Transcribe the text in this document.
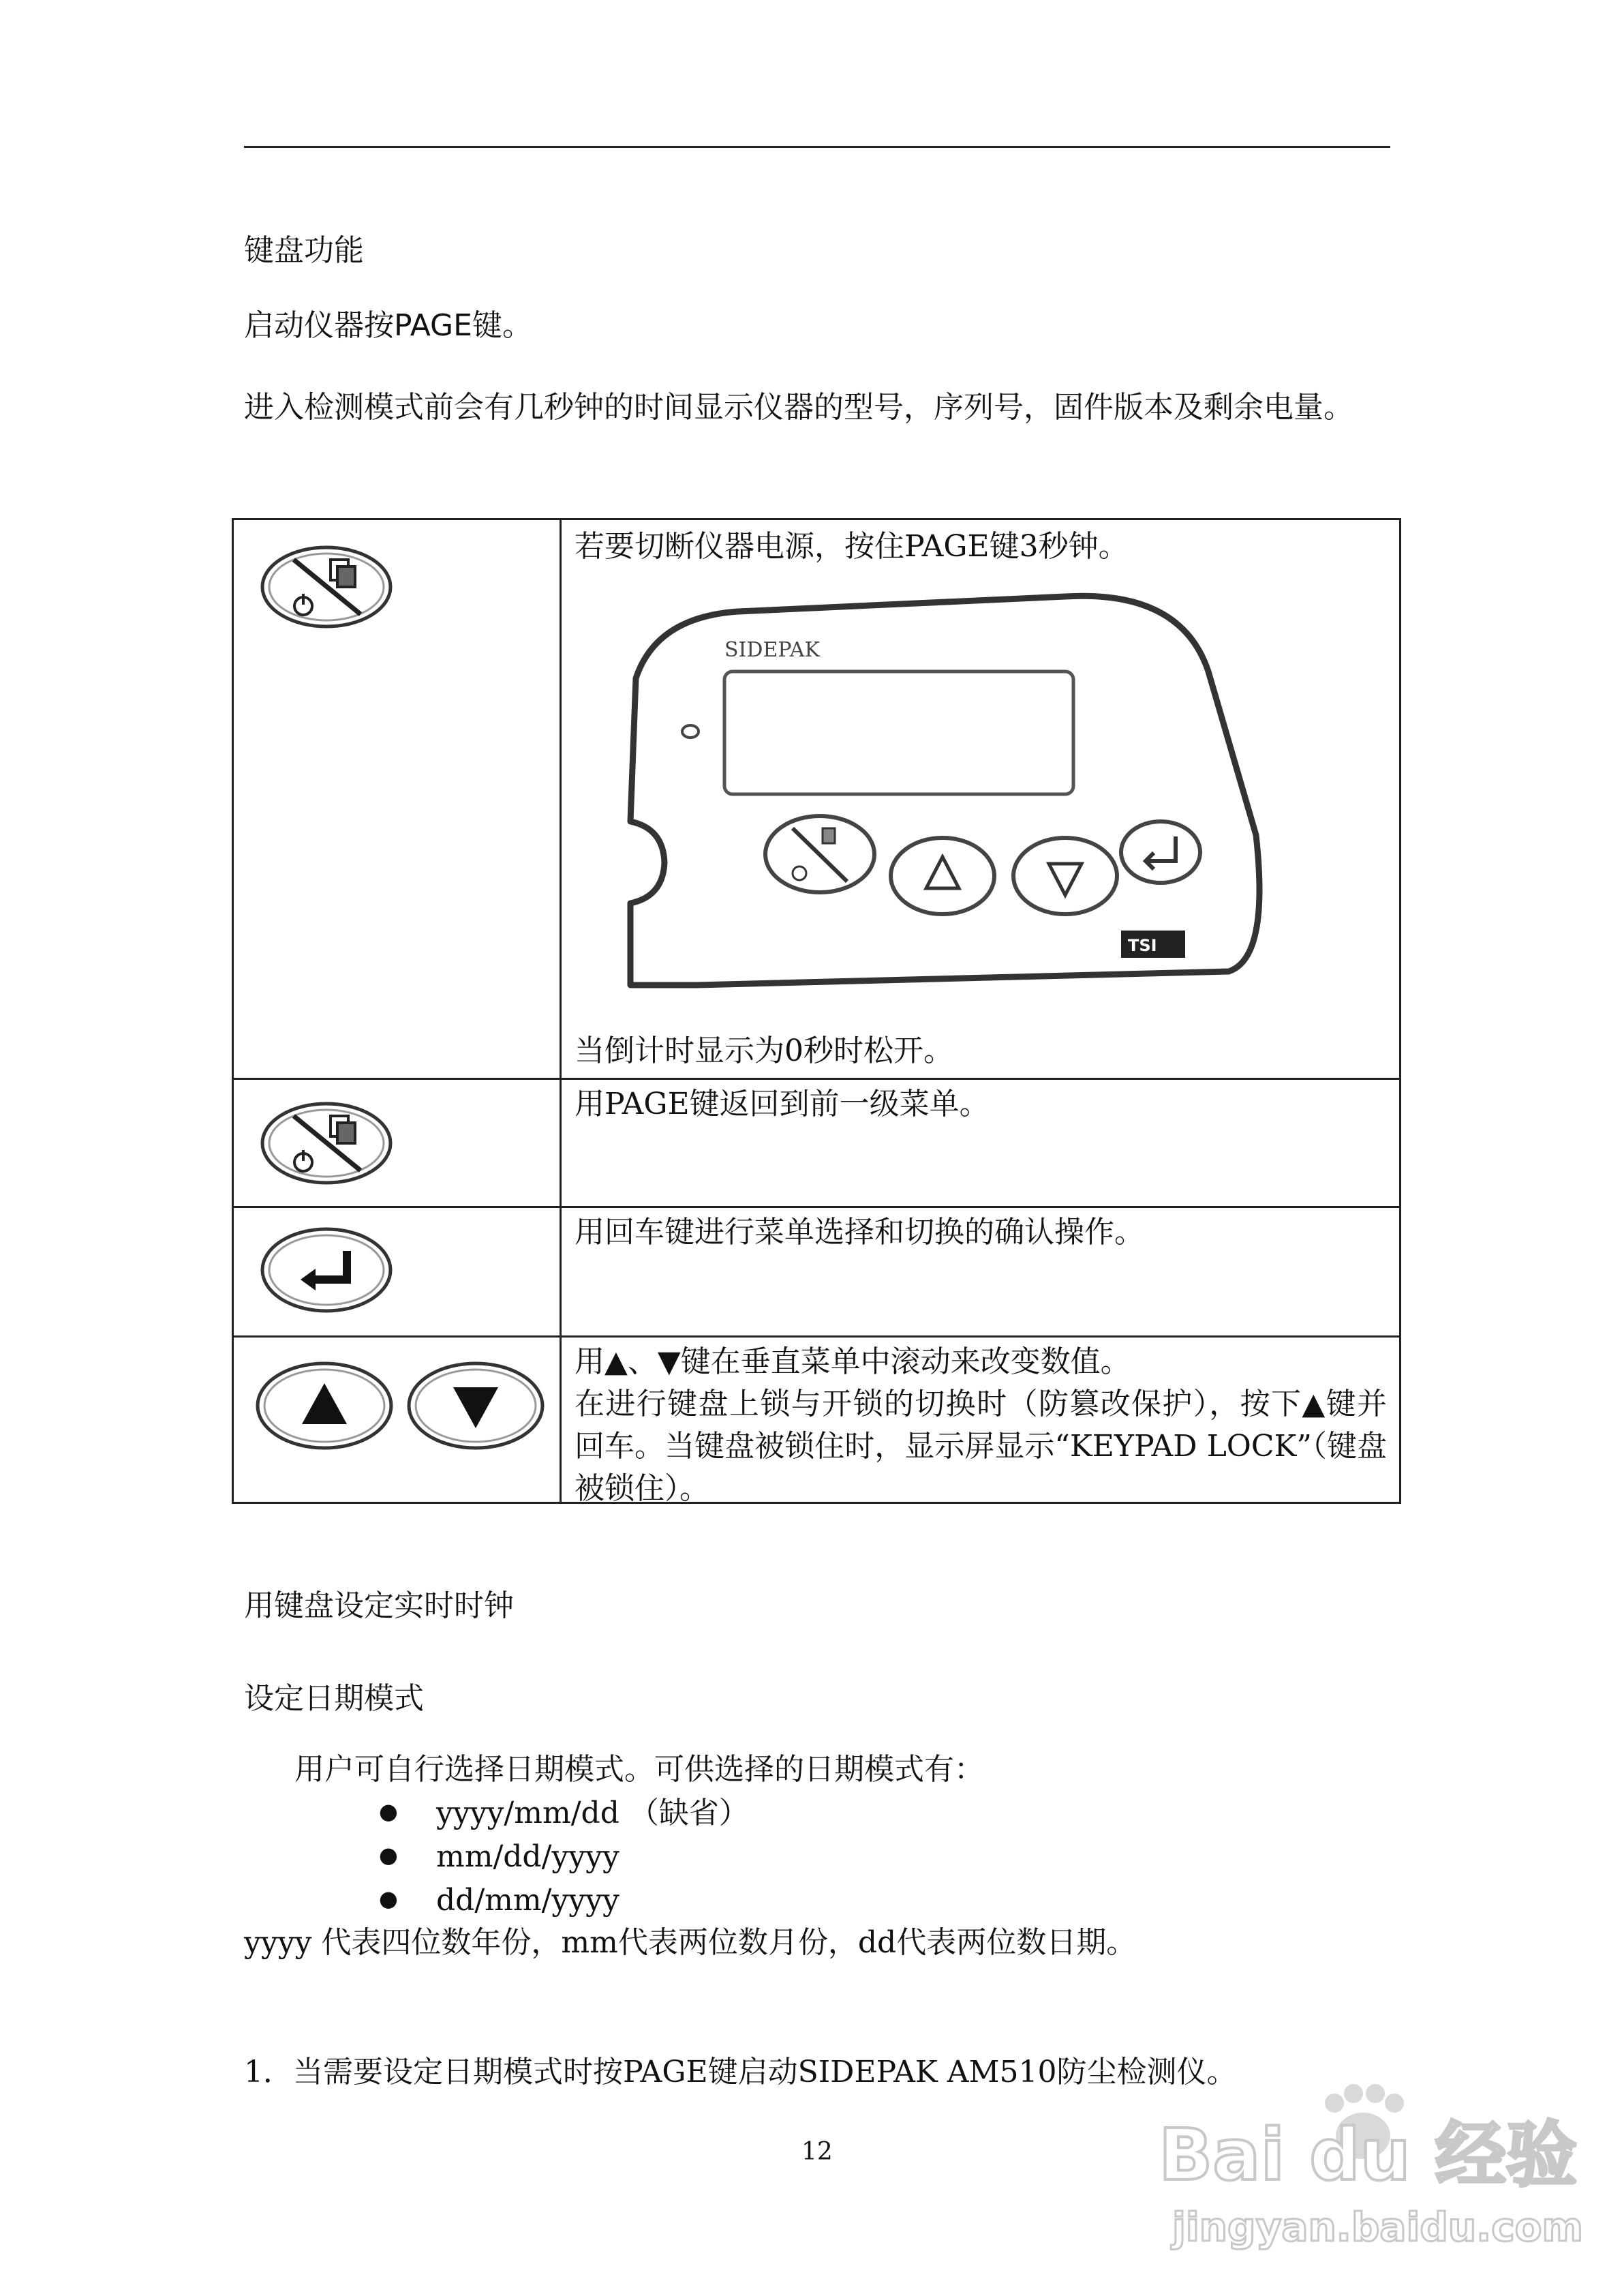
键盘功能
启动仪器按PAGE键。
进入检测模式前会有几秒钟的时间显示仪器的型号，序列号，固件版本及剩余电量。
若要切断仪器电源，按住PAGE键3秒钟。
SIDEPAK
TSI
当倒计时显示为0秒时松开。
用PAGE键返回到前一级菜单。
用回车键进行菜单选择和切换的确认操作。
用▲、▼键在垂直菜单中滚动来改变数值。
在进行键盘上锁与开锁的切换时（防篡改保护），按下▲键并回车。当键盘被锁住时，显示屏显示“KEYPAD LOCK”（键盘被锁住）。
用键盘设定实时时钟
设定日期模式
用户可自行选择日期模式。可供选择的日期模式有：
● yyyy/mm/dd （缺省）
● mm/dd/yyyy
● dd/mm/yyyy
yyyy 代表四位数年份，mm代表两位数月份，dd代表两位数日期。
1．当需要设定日期模式时按PAGE键启动SIDEPAK AM510防尘检测仪。
12	Bai du 经验
jingyan.baidu.com
